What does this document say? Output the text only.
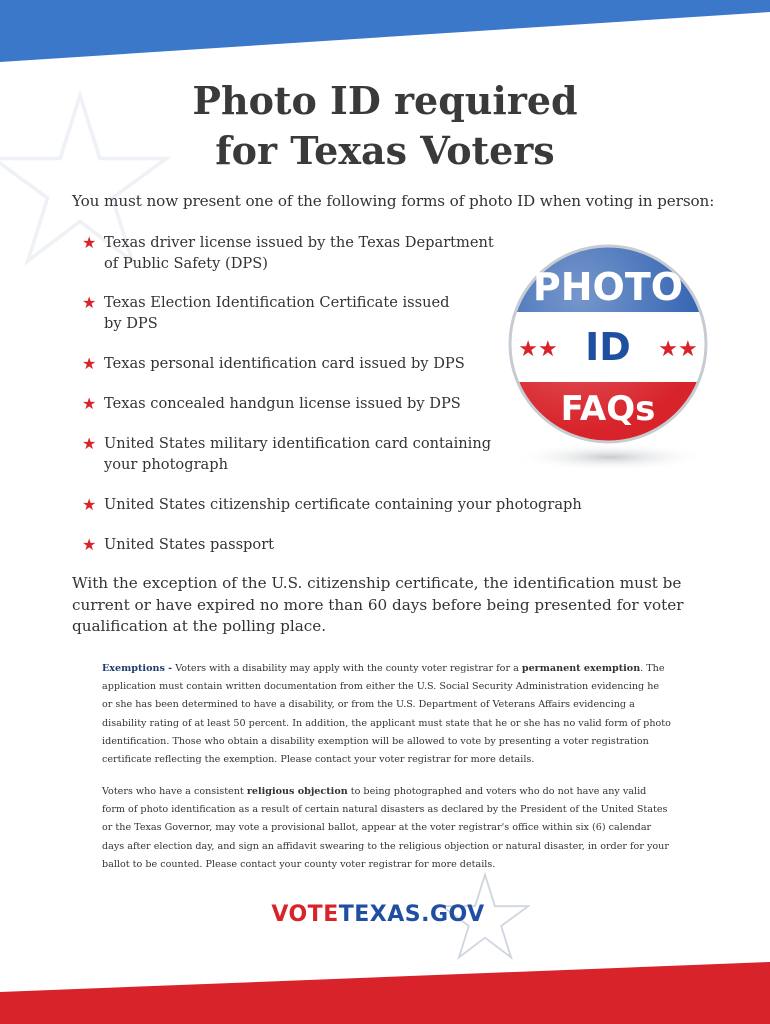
Photo ID required
for Texas Voters

You must now present one of the following forms of photo ID when voting in person:

★ Texas driver license issued by the Texas Department
of Public Safety (DPS)
★ Texas Election Identification Certificate issued
by DPS
★ Texas personal identification card issued by DPS
★ Texas concealed handgun license issued by DPS
★ United States military identification card containing
your photograph
★ United States citizenship certificate containing your photograph
★ United States passport
PHOTO
★★ ID ★★
FAQs

With the exception of the U.S. citizenship certificate, the identification must be current or have expired no more than 60 days before being presented for voter qualification at the polling place.

Exemptions - Voters with a disability may apply with the county voter registrar for a permanent exemption. The application must contain written documentation from either the U.S. Social Security Administration evidencing he or she has been determined to have a disability, or from the U.S. Department of Veterans Affairs evidencing a disability rating of at least 50 percent. In addition, the applicant must state that he or she has no valid form of photo identification. Those who obtain a disability exemption will be allowed to vote by presenting a voter registration certificate reflecting the exemption. Please contact your voter registrar for more details.

Voters who have a consistent religious objection to being photographed and voters who do not have any valid form of photo identification as a result of certain natural disasters as declared by the President of the United States or the Texas Governor, may vote a provisional ballot, appear at the voter registrar's office within six (6) calendar days after election day, and sign an affidavit swearing to the religious objection or natural disaster, in order for your ballot to be counted. Please contact your county voter registrar for more details.

VOTETEXAS.GOV
